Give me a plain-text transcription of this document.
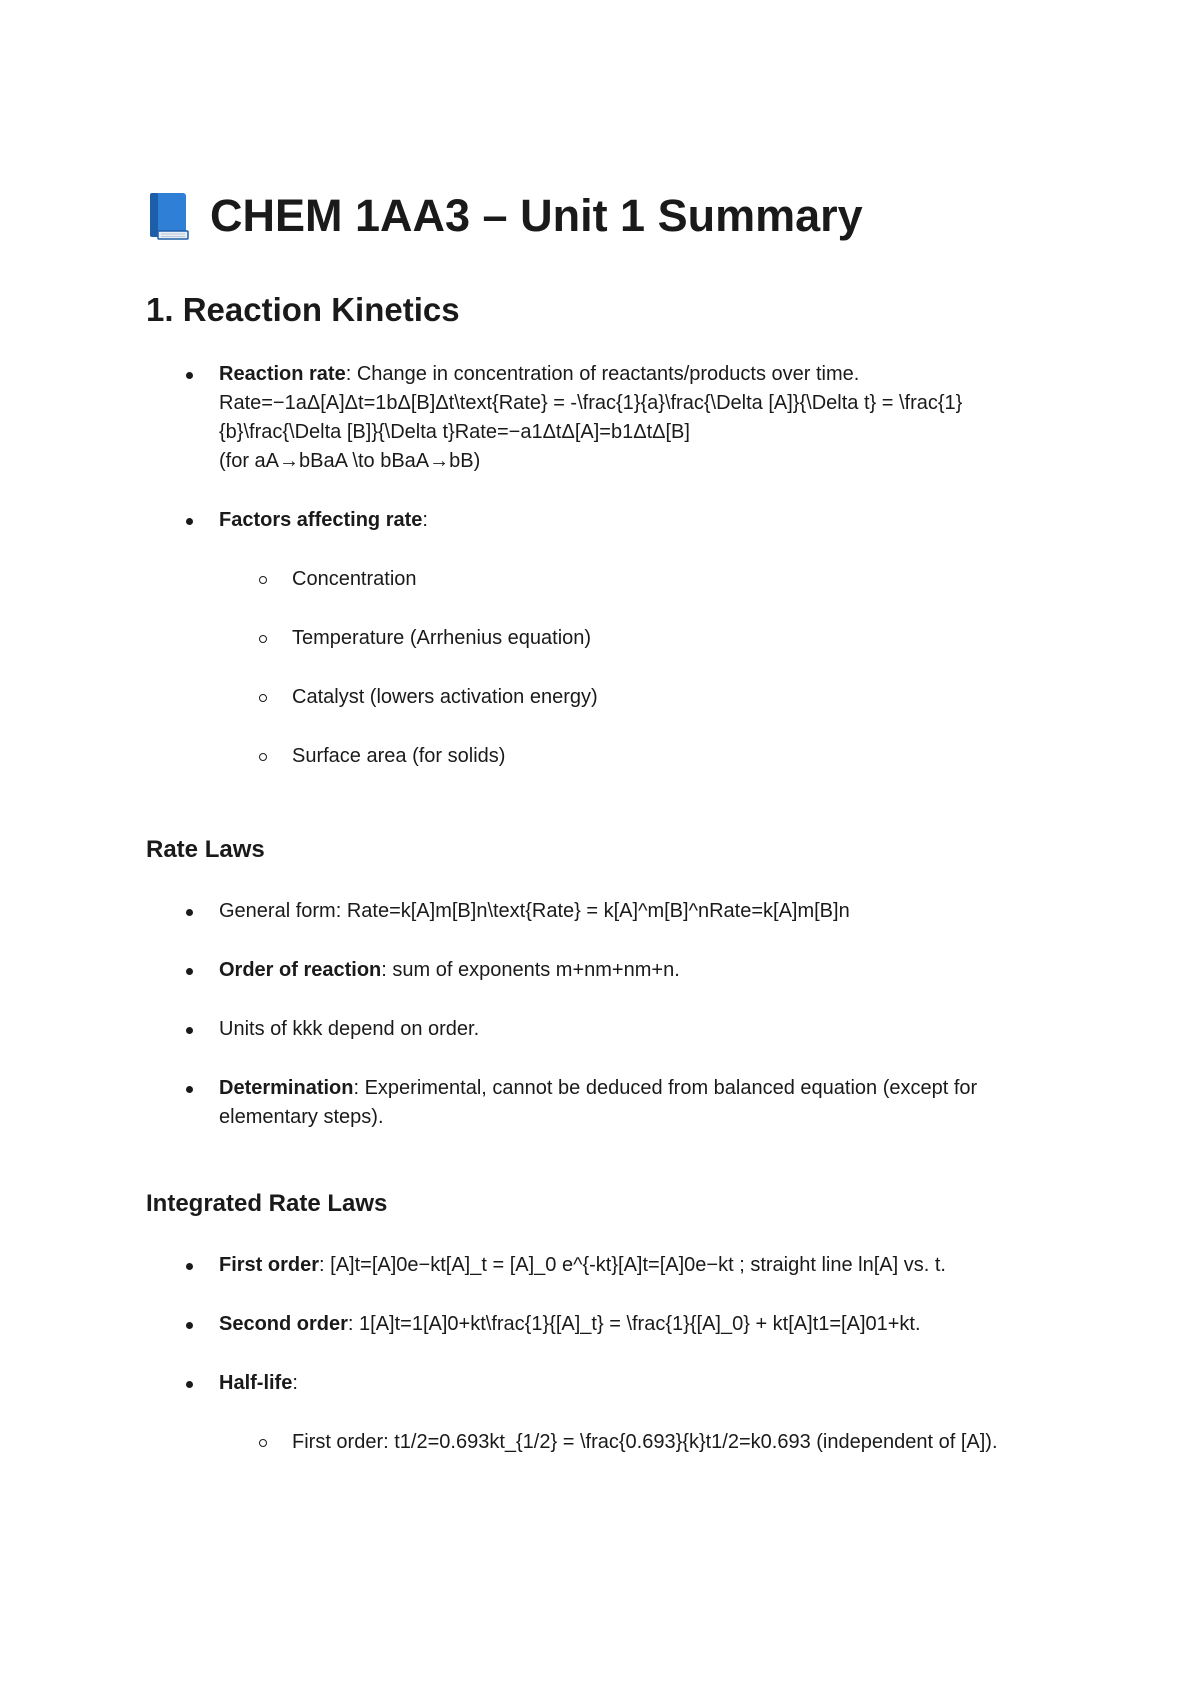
CHEM 1AA3 – Unit 1 Summary
1. Reaction Kinetics
Reaction rate: Change in concentration of reactants/products over time.
Rate=−1aΔ[A]Δt=1bΔ[B]Δt\text{Rate} = -\frac{1}{a}\frac{\Delta [A]}{\Delta t} = \frac{1}{b}\frac{\Delta [B]}{\Delta t}Rate=−a1ΔtΔ[A]=b1ΔtΔ[B]
(for aA→bBaA \to bBaA→bB)
Factors affecting rate:
Concentration
Temperature (Arrhenius equation)
Catalyst (lowers activation energy)
Surface area (for solids)
Rate Laws
General form: Rate=k[A]m[B]n\text{Rate} = k[A]^m[B]^nRate=k[A]m[B]n
Order of reaction: sum of exponents m+nm+nm+n.
Units of kkk depend on order.
Determination: Experimental, cannot be deduced from balanced equation (except for elementary steps).
Integrated Rate Laws
First order: [A]t=[A]0e−kt[A]_t = [A]_0 e^{-kt}[A]t=[A]0e−kt ; straight line ln[A] vs. t.
Second order: 1[A]t=1[A]0+kt\frac{1}{[A]_t} = \frac{1}{[A]_0} + kt[A]t1=[A]01+kt.
Half-life:
First order: t1/2=0.693kt_{1/2} = \frac{0.693}{k}t1/2=k0.693 (independent of [A]).
